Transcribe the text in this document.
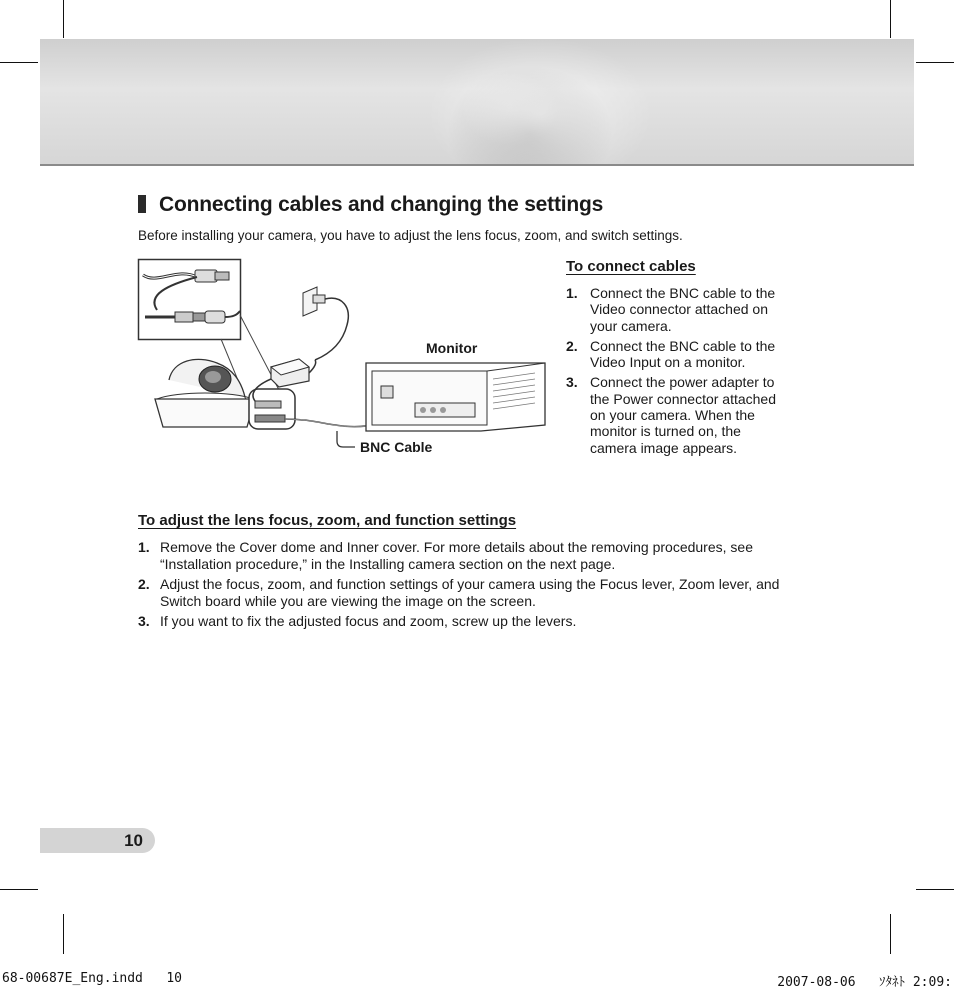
Connecting cables and changing the settings

Before installing your camera, you have to adjust the lens focus, zoom, and switch settings.

Monitor
BNC Cable
To connect cables
1. Connect the BNC cable to the Video connector attached on your camera.
2. Connect the BNC cable to the Video Input on a monitor.
3. Connect the power adapter to the Power connector attached on your camera. When the monitor is turned on, the camera image appears.
To adjust the lens focus, zoom, and function settings
1. Remove the Cover dome and Inner cover. For more details about the removing procedures, see “Installation procedure,” in the Installing camera section on the next page.
2. Adjust the focus, zoom, and function settings of your camera using the Focus lever, Zoom lever, and Switch board while you are viewing the image on the screen.
3. If you want to fix the adjusted focus and zoom, screw up the levers.
10

68-00687E_Eng.indd   10	2007-08-06   ｿﾀﾈﾄ 2:09:
